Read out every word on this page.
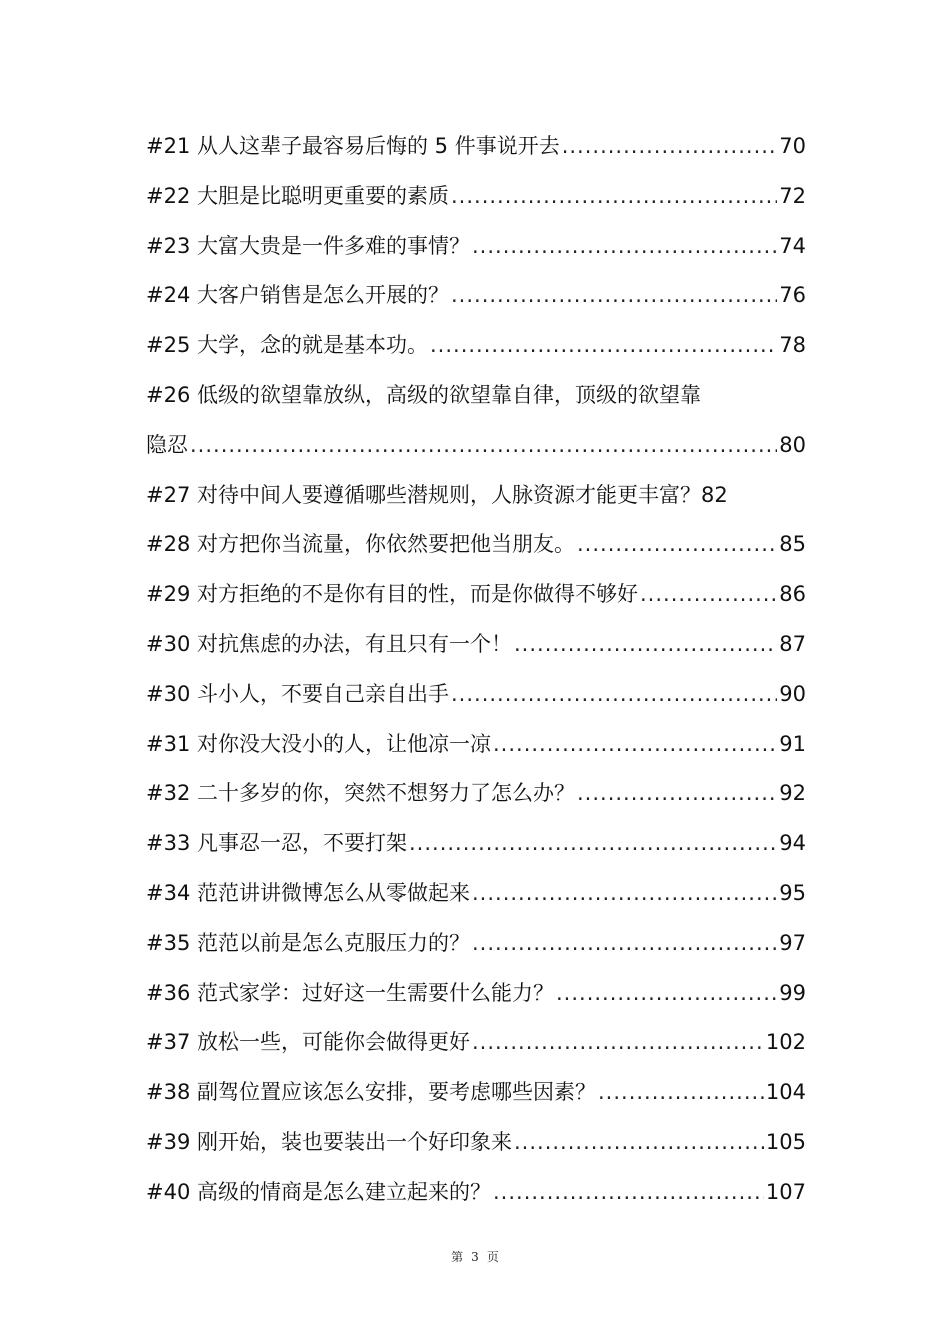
#21 从人这辈子最容易后悔的 5 件事说开去 .....	70
#22 大胆是比聪明更重要的素质 .....	72
#23 大富大贵是一件多难的事情？ .....	74
#24 大客户销售是怎么开展的？ .....	76
#25 大学，念的就是基本功。 .....	78
#26 低级的欲望靠放纵，高级的欲望靠自律，顶级的欲望靠
隐忍 .....	80
#27 对待中间人要遵循哪些潜规则，人脉资源才能更丰富？ 82
#28 对方把你当流量，你依然要把他当朋友。 .....	85
#29 对方拒绝的不是你有目的性，而是你做得不够好 .....	86
#30 对抗焦虑的办法，有且只有一个！ .....	87
#30 斗小人，不要自己亲自出手 .....	90
#31 对你没大没小的人，让他凉一凉 .....	91
#32 二十多岁的你，突然不想努力了怎么办？ .....	92
#33 凡事忍一忍，不要打架 .....	94
#34 范范讲讲微博怎么从零做起来 .....	95
#35 范范以前是怎么克服压力的？ .....	97
#36 范式家学：过好这一生需要什么能力？ .....	99
#37 放松一些，可能你会做得更好 .....	102
#38 副驾位置应该怎么安排，要考虑哪些因素？ .....	104
#39 刚开始，装也要装出一个好印象来 .....	105
#40 高级的情商是怎么建立起来的？ .....	107
第 3 页
